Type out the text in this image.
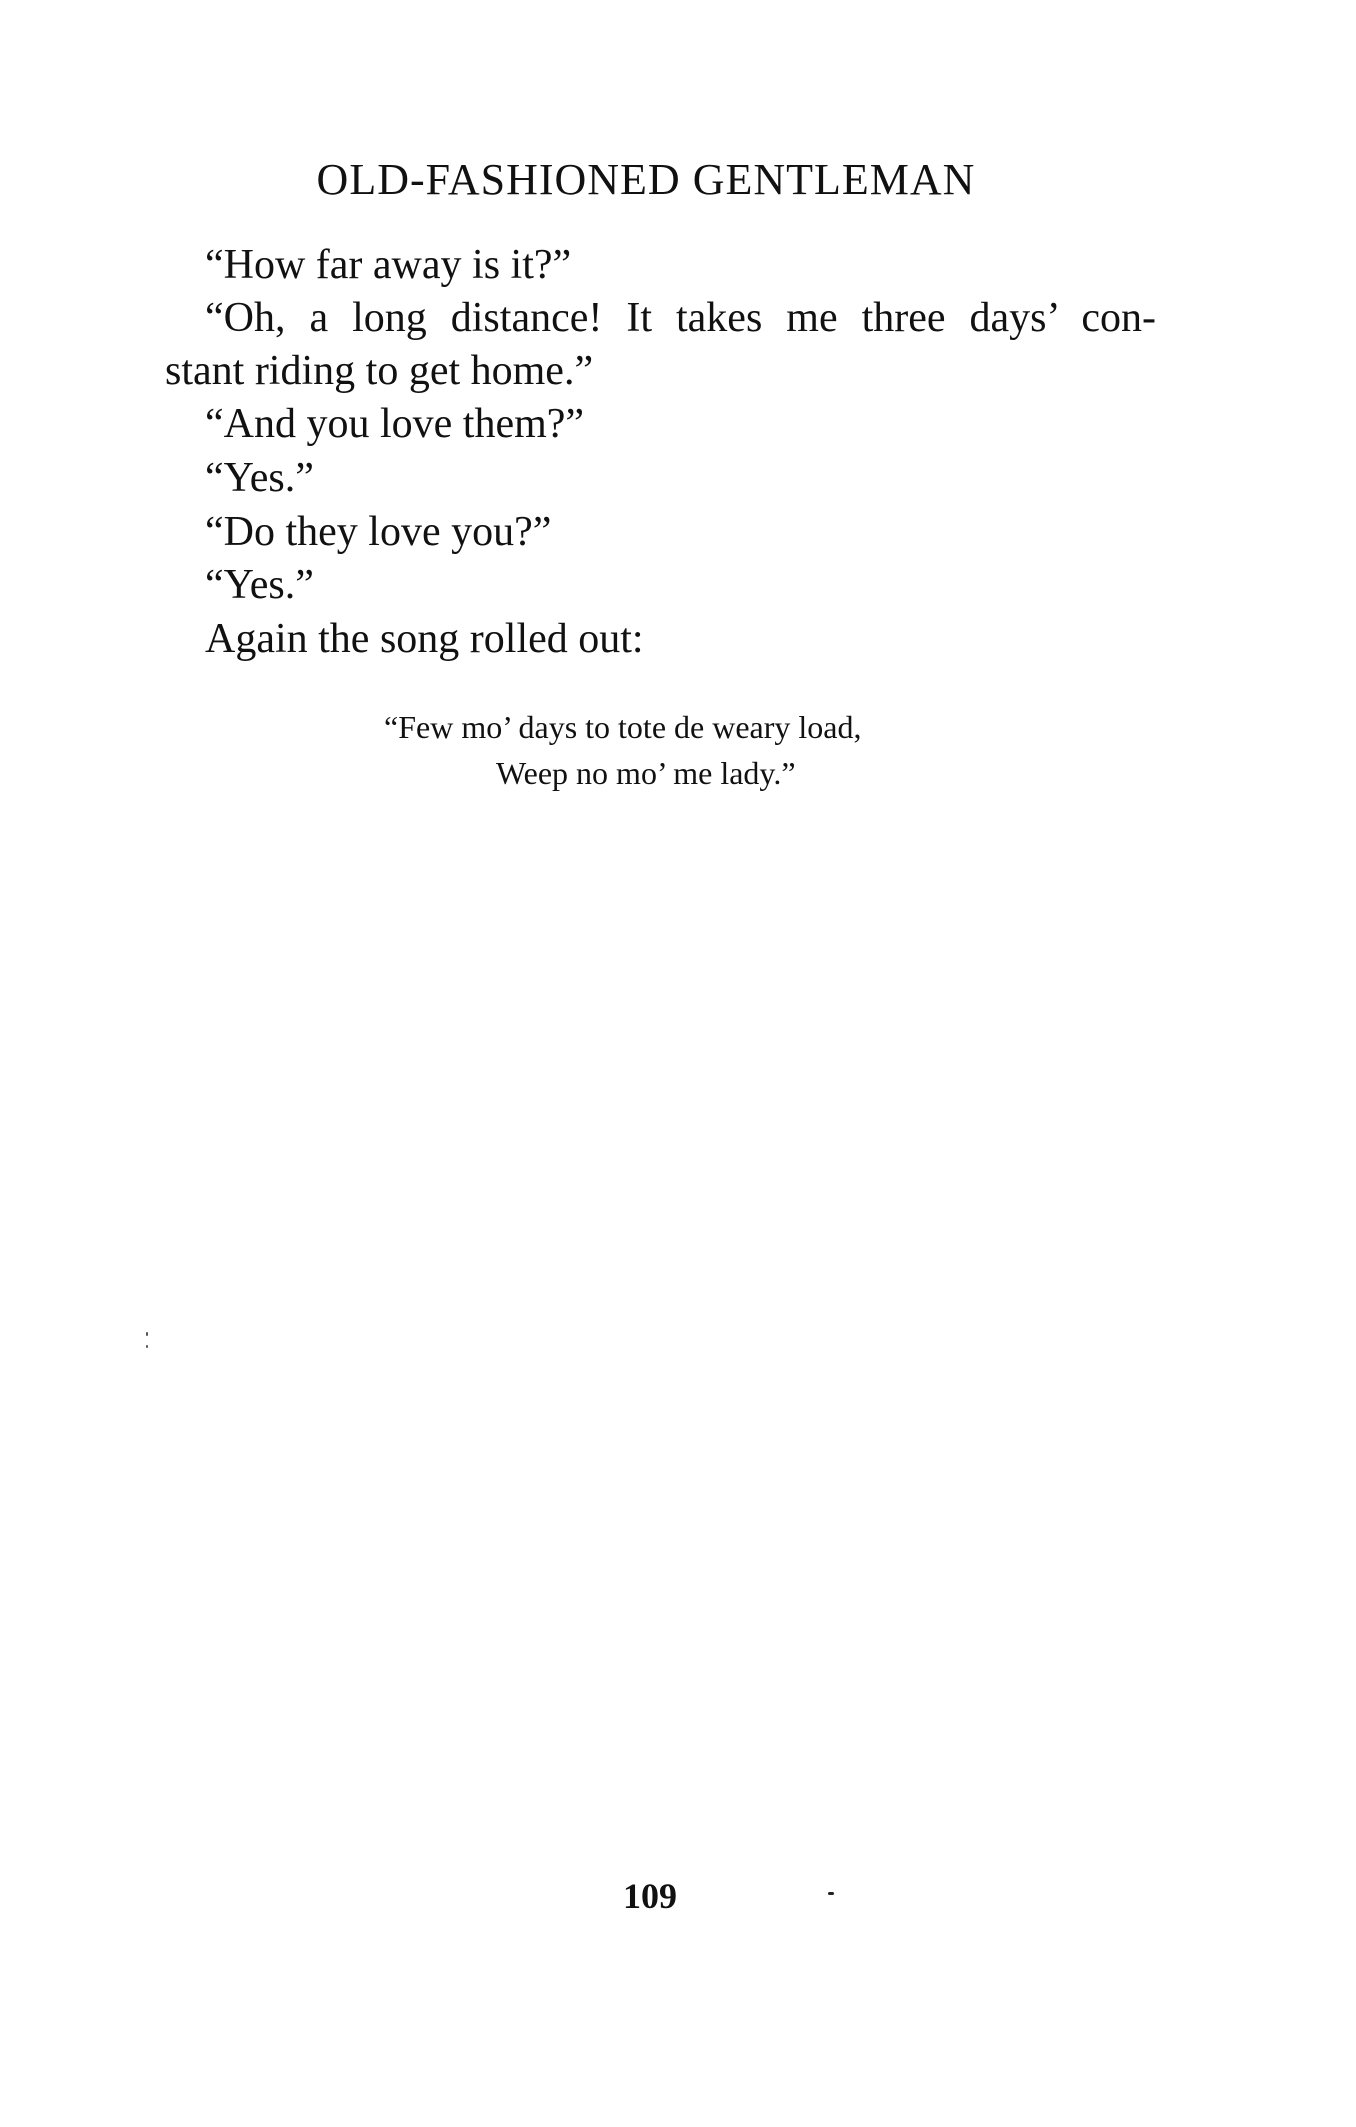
OLD-FASHIONED GENTLEMAN
“How far away is it?”
“Oh, a long distance! It takes me three days’ con-
stant riding to get home.”
“And you love them?”
“Yes.”
“Do they love you?”
“Yes.”
Again the song rolled out:
“Few mo’ days to tote de weary load,
Weep no mo’ me lady.”
109
